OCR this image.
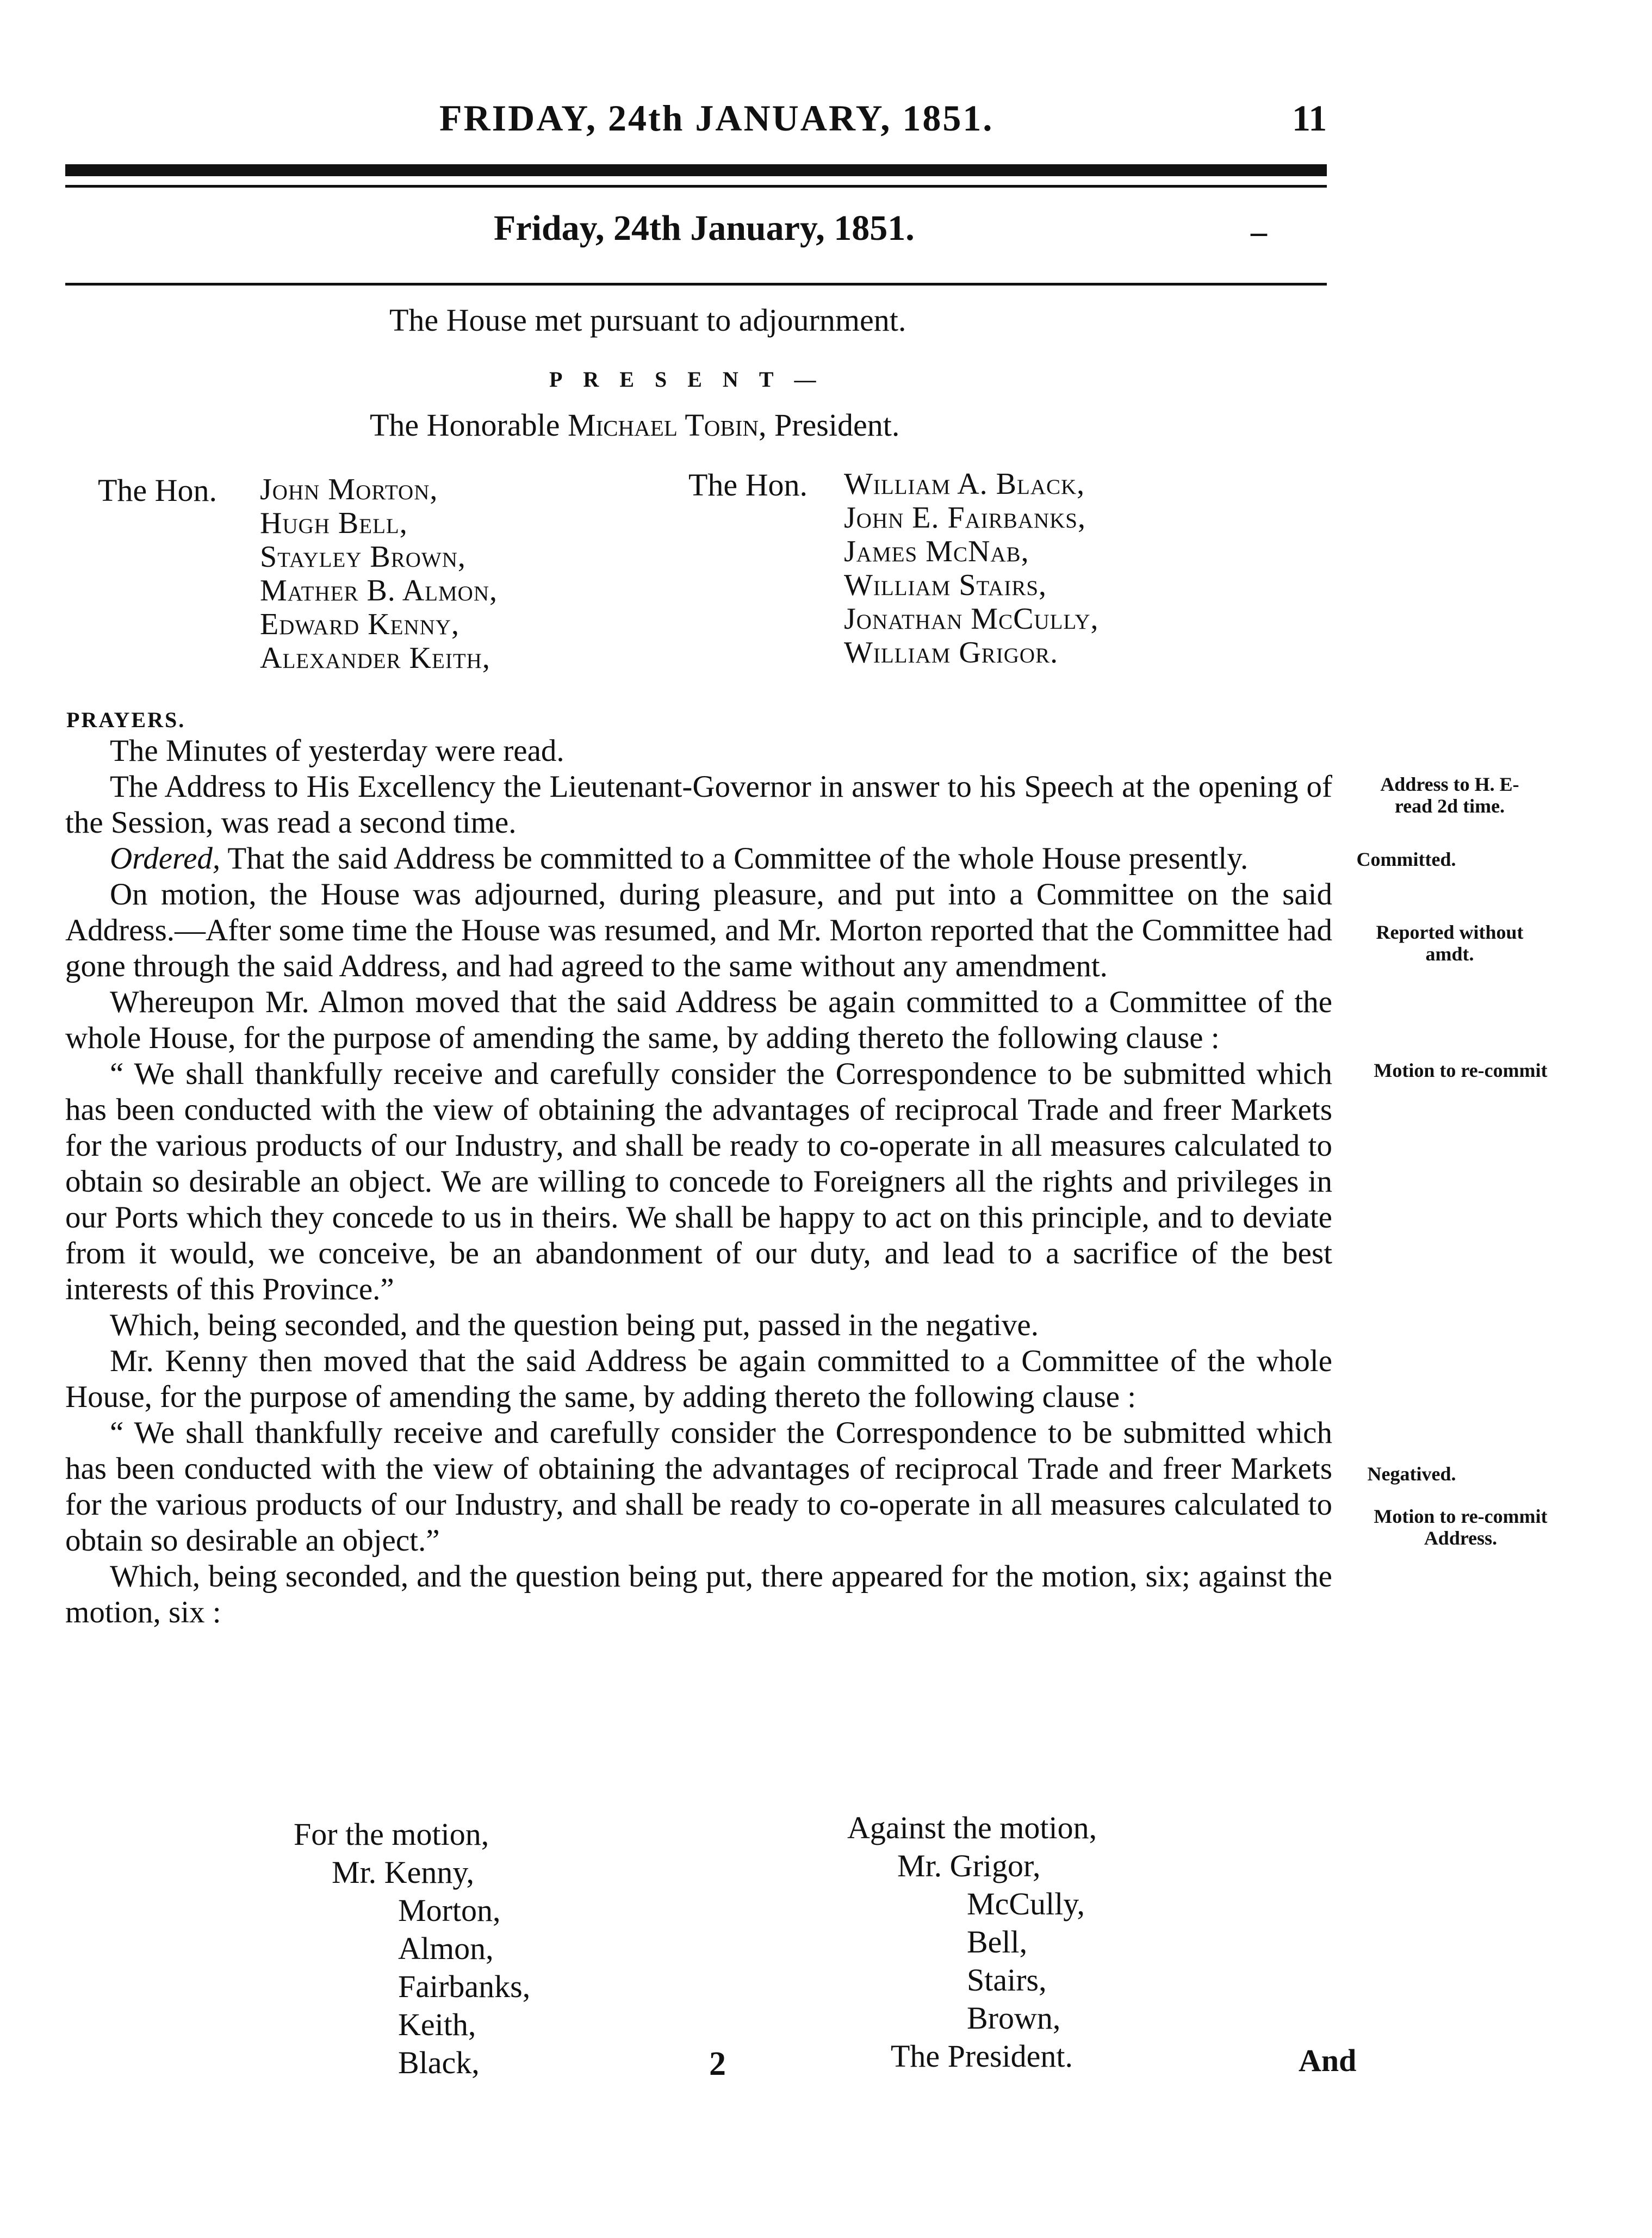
FRIDAY, 24th JANUARY, 1851.	11
Friday, 24th January, 1851.	–
The House met pursuant to adjournment.
PRESENT—
The Honorable Michael Tobin, President.
The Hon. John Morton,
Hugh Bell,
Stayley Brown,
Mather B. Almon,
Edward Kenny,
Alexander Keith,
The Hon. William A. Black,
John E. Fairbanks,
James McNab,
William Stairs,
Jonathan McCully,
William Grigor.
PRAYERS.

The Minutes of yesterday were read.

The Address to His Excellency the Lieutenant-Governor in answer to his Speech at the opening of the Session, was read a second time.

Ordered, That the said Address be committed to a Committee of the whole House presently.

On motion, the House was adjourned, during pleasure, and put into a Committee on the said Address.—After some time the House was resumed, and Mr. Morton reported that the Committee had gone through the said Address, and had agreed to the same without any amendment.

Whereupon Mr. Almon moved that the said Address be again committed to a Committee of the whole House, for the purpose of amending the same, by adding thereto the following clause :

“ We shall thankfully receive and carefully consider the Correspondence to be submitted which has been conducted with the view of obtaining the advantages of reciprocal Trade and freer Markets for the various products of our Industry, and shall be ready to co-operate in all measures calculated to obtain so desirable an object. We are willing to concede to Foreigners all the rights and privileges in our Ports which they concede to us in theirs. We shall be happy to act on this principle, and to deviate from it would, we conceive, be an abandonment of our duty, and lead to a sacrifice of the best interests of this Province.”

Which, being seconded, and the question being put, passed in the negative.

Mr. Kenny then moved that the said Address be again committed to a Committee of the whole House, for the purpose of amending the same, by adding thereto the following clause :

“ We shall thankfully receive and carefully consider the Correspondence to be submitted which has been conducted with the view of obtaining the advantages of reciprocal Trade and freer Markets for the various products of our Industry, and shall be ready to co-operate in all measures calculated to obtain so desirable an object.”

Which, being seconded, and the question being put, there appeared for the motion, six; against the motion, six :

Address to H. E-
read 2d time.
Committed.
Reported without
amdt.
Motion to re-commit
Negatived.
Motion to re-commit
Address.
For the motion,
Mr. Kenny,
Morton,
Almon,
Fairbanks,
Keith,
Black,
Against the motion,
Mr. Grigor,
McCully,
Bell,
Stairs,
Brown,
The President.
2	And
